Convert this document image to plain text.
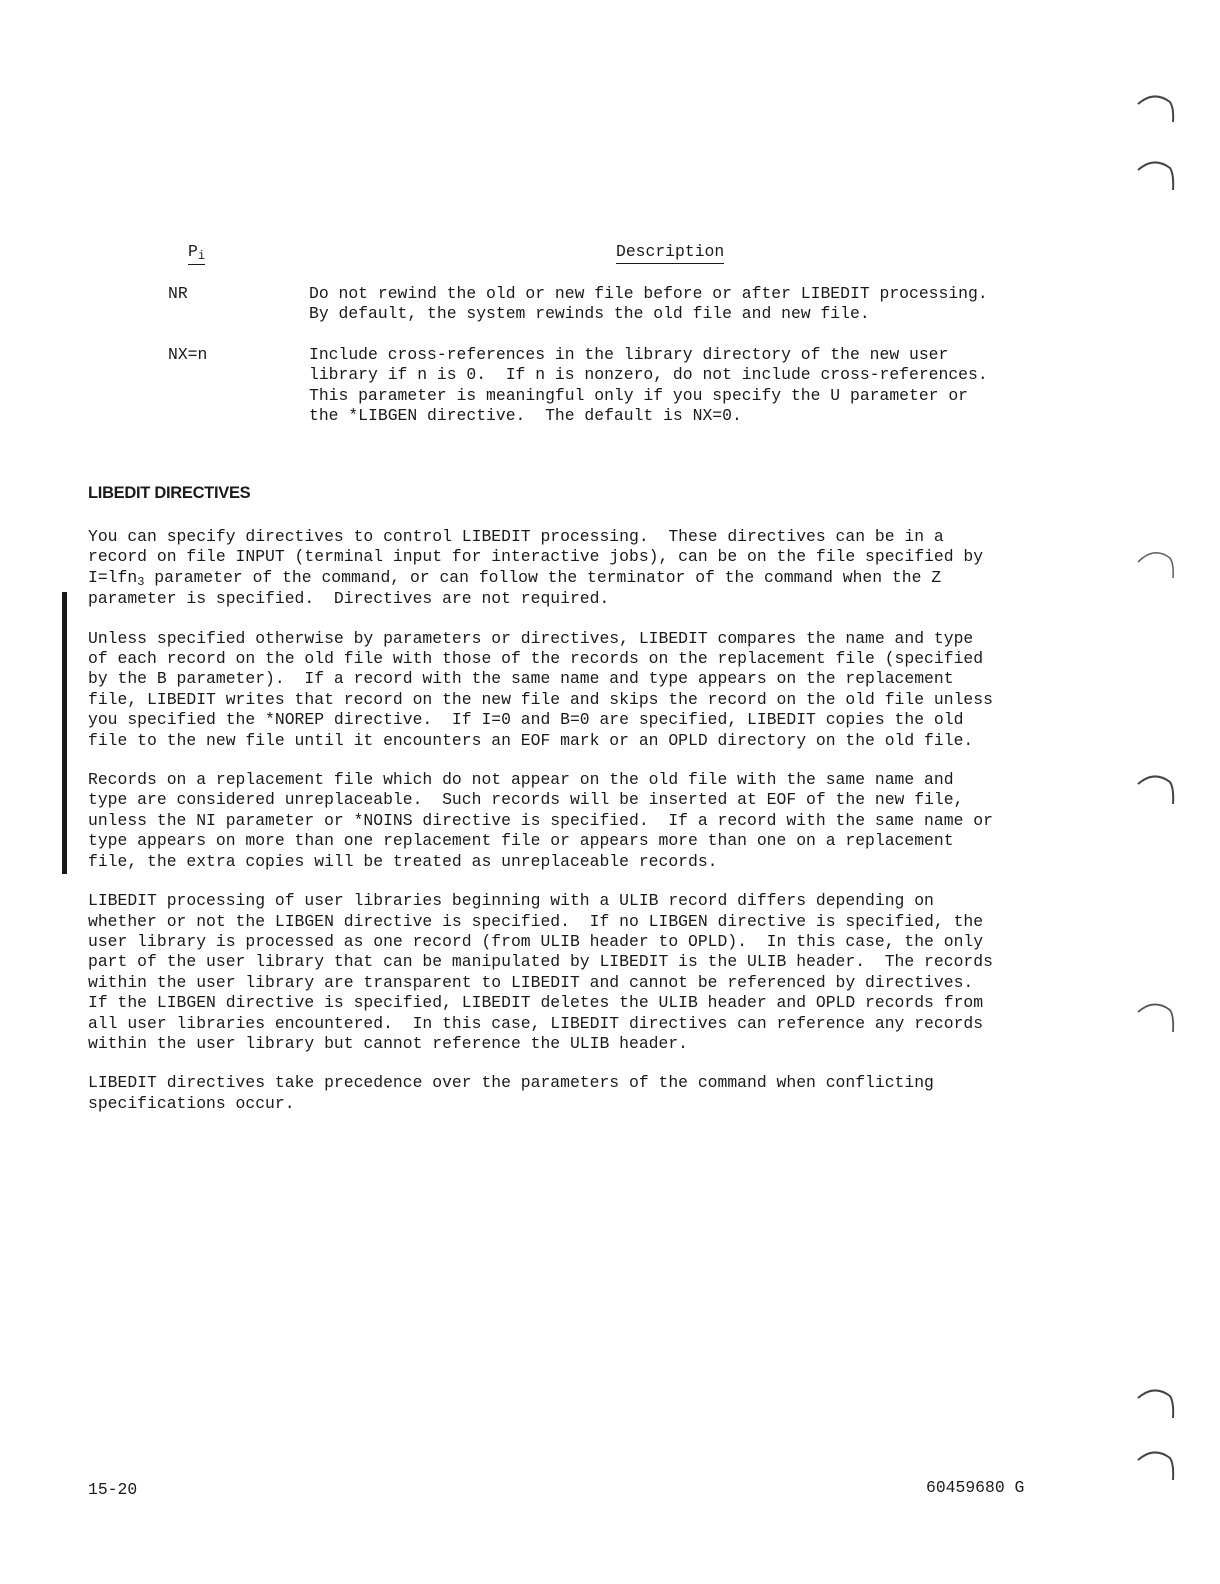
Pi	Description
NR	Do not rewind the old or new file before or after LIBEDIT processing.
By default, the system rewinds the old file and new file.
NX=n	Include cross-references in the library directory of the new user
library if n is 0.  If n is nonzero, do not include cross-references.
This parameter is meaningful only if you specify the U parameter or
the *LIBGEN directive.  The default is NX=0.
LIBEDIT DIRECTIVES
You can specify directives to control LIBEDIT processing.  These directives can be in a
record on file INPUT (terminal input for interactive jobs), can be on the file specified by
I=lfn3 parameter of the command, or can follow the terminator of the command when the Z
parameter is specified.  Directives are not required.
Unless specified otherwise by parameters or directives, LIBEDIT compares the name and type
of each record on the old file with those of the records on the replacement file (specified
by the B parameter).  If a record with the same name and type appears on the replacement
file, LIBEDIT writes that record on the new file and skips the record on the old file unless
you specified the *NOREP directive.  If I=0 and B=0 are specified, LIBEDIT copies the old
file to the new file until it encounters an EOF mark or an OPLD directory on the old file.
Records on a replacement file which do not appear on the old file with the same name and
type are considered unreplaceable.  Such records will be inserted at EOF of the new file,
unless the NI parameter or *NOINS directive is specified.  If a record with the same name or
type appears on more than one replacement file or appears more than one on a replacement
file, the extra copies will be treated as unreplaceable records.
LIBEDIT processing of user libraries beginning with a ULIB record differs depending on
whether or not the LIBGEN directive is specified.  If no LIBGEN directive is specified, the
user library is processed as one record (from ULIB header to OPLD).  In this case, the only
part of the user library that can be manipulated by LIBEDIT is the ULIB header.  The records
within the user library are transparent to LIBEDIT and cannot be referenced by directives.
If the LIBGEN directive is specified, LIBEDIT deletes the ULIB header and OPLD records from
all user libraries encountered.  In this case, LIBEDIT directives can reference any records
within the user library but cannot reference the ULIB header.
LIBEDIT directives take precedence over the parameters of the command when conflicting
specifications occur.
15-20	60459680 G
